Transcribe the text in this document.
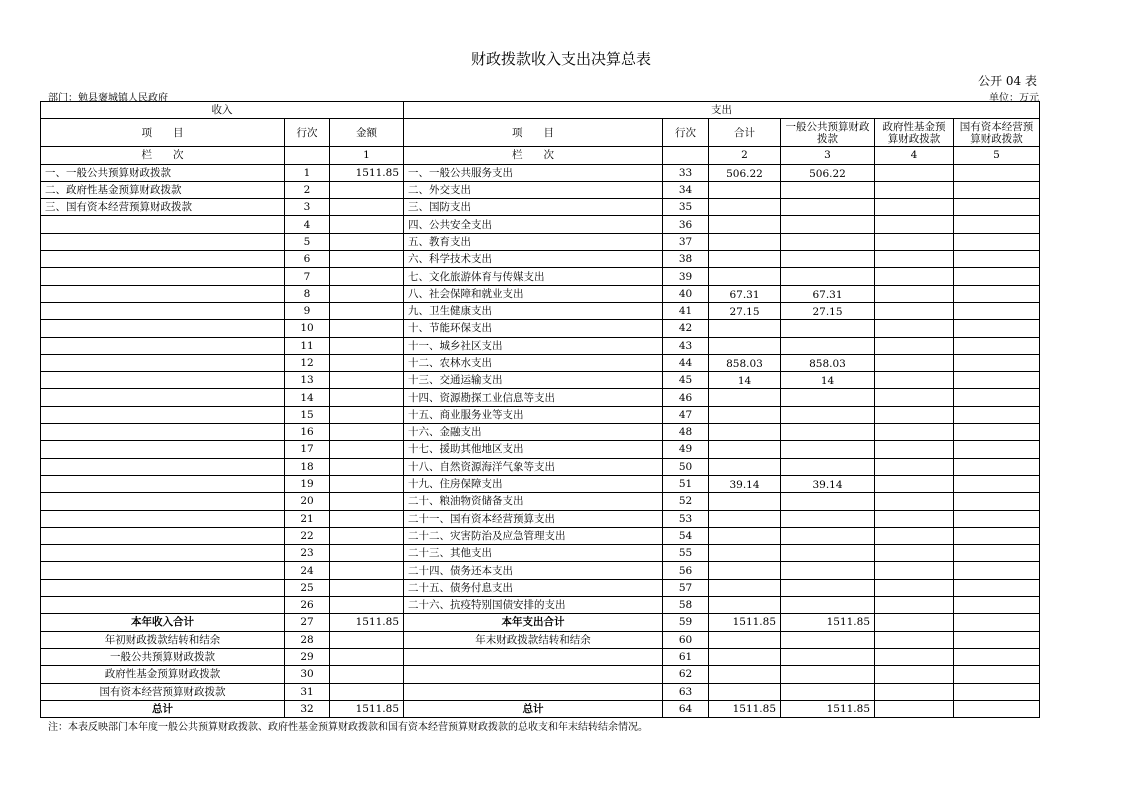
财政拨款收入支出决算总表
公开 04 表
部门：勉县褒城镇人民政府	单位：万元
收入			支出					
项　　目	行次	金额	项　　目	行次	合计	一般公共预算财政拨款	政府性基金预算财政拨款	国有资本经营预算财政拨款
栏　　次		1	栏　　次		2	3	4	5
一、一般公共预算财政拨款	1	1511.85	一、一般公共服务支出	33	506.22	506.22		
二、政府性基金预算财政拨款	2		二、外交支出	34				
三、国有资本经营预算财政拨款	3		三、国防支出	35				
	4		四、公共安全支出	36				
	5		五、教育支出	37				
	6		六、科学技术支出	38				
	7		七、文化旅游体育与传媒支出	39				
	8		八、社会保障和就业支出	40	67.31	67.31		
	9		九、卫生健康支出	41	27.15	27.15		
	10		十、节能环保支出	42				
	11		十一、城乡社区支出	43				
	12		十二、农林水支出	44	858.03	858.03		
	13		十三、交通运输支出	45	14	14		
	14		十四、资源勘探工业信息等支出	46				
	15		十五、商业服务业等支出	47				
	16		十六、金融支出	48				
	17		十七、援助其他地区支出	49				
	18		十八、自然资源海洋气象等支出	50				
	19		十九、住房保障支出	51	39.14	39.14		
	20		二十、粮油物资储备支出	52				
	21		二十一、国有资本经营预算支出	53				
	22		二十二、灾害防治及应急管理支出	54				
	23		二十三、其他支出	55				
	24		二十四、债务还本支出	56				
	25		二十五、债务付息支出	57				
	26		二十六、抗疫特别国债安排的支出	58				
本年收入合计	27	1511.85	本年支出合计	59	1511.85	1511.85		
年初财政拨款结转和结余	28		年末财政拨款结转和结余	60				
一般公共预算财政拨款	29			61				
政府性基金预算财政拨款	30			62				
国有资本经营预算财政拨款	31			63				
总计	32	1511.85	总计	64	1511.85	1511.85		
注：本表反映部门本年度一般公共预算财政拨款、政府性基金预算财政拨款和国有资本经营预算财政拨款的总收支和年末结转结余情况。
